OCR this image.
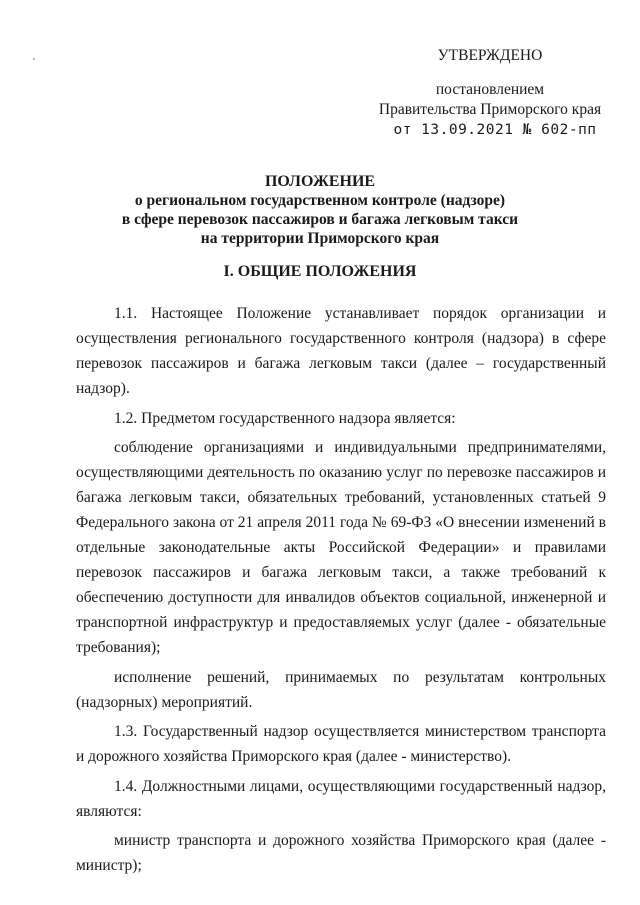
УТВЕРЖДЕНО
постановлением
Правительства Приморского края
от 13.09.2021 № 602-пп
ПОЛОЖЕНИЕ
о региональном государственном контроле (надзоре)
в сфере перевозок пассажиров и багажа легковым такси
на территории Приморского края
I. ОБЩИЕ ПОЛОЖЕНИЯ

1.1. Настоящее Положение устанавливает порядок организации и осуществления регионального государственного контроля (надзора) в сфере перевозок пассажиров и багажа легковым такси (далее – государственный надзор).

1.2. Предметом государственного надзора является:

соблюдение организациями и индивидуальными предпринимателями, осуществляющими деятельность по оказанию услуг по перевозке пассажиров и багажа легковым такси, обязательных требований, установленных статьей 9 Федерального закона от 21 апреля 2011 года № 69-ФЗ «О внесении изменений в отдельные законодательные акты Российской Федерации» и правилами перевозок пассажиров и багажа легковым такси, а также требований к обеспечению доступности для инвалидов объектов социальной, инженерной и транспортной инфраструктур и предоставляемых услуг (далее - обязательные требования);

исполнение решений, принимаемых по результатам контрольных (надзорных) мероприятий.

1.3. Государственный надзор осуществляется министерством транспорта и дорожного хозяйства Приморского края (далее - министерство).

1.4. Должностными лицами, осуществляющими государственный надзор, являются:

министр транспорта и дорожного хозяйства Приморского края (далее - министр);
